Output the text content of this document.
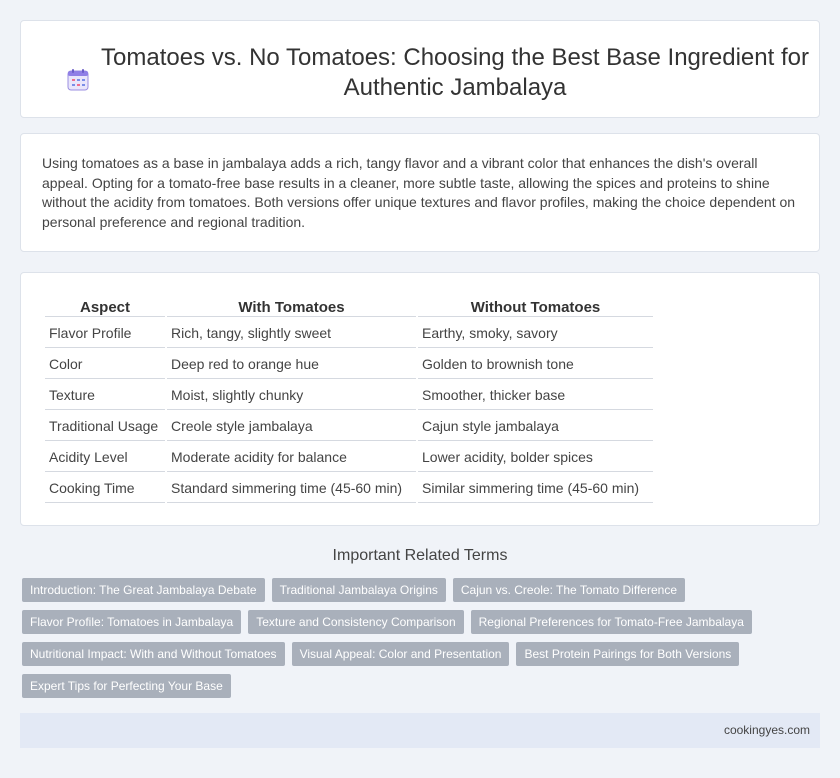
Tomatoes vs. No Tomatoes: Choosing the Best Base Ingredient for Authentic Jambalaya

Using tomatoes as a base in jambalaya adds a rich, tangy flavor and a vibrant color that enhances the dish's overall appeal. Opting for a tomato-free base results in a cleaner, more subtle taste, allowing the spices and proteins to shine without the acidity from tomatoes. Both versions offer unique textures and flavor profiles, making the choice dependent on personal preference and regional tradition.

Aspect	With Tomatoes	Without Tomatoes
Flavor Profile	Rich, tangy, slightly sweet	Earthy, smoky, savory
Color	Deep red to orange hue	Golden to brownish tone
Texture	Moist, slightly chunky	Smoother, thicker base
Traditional Usage	Creole style jambalaya	Cajun style jambalaya
Acidity Level	Moderate acidity for balance	Lower acidity, bolder spices
Cooking Time	Standard simmering time (45-60 min)	Similar simmering time (45-60 min)
Important Related Terms
Introduction: The Great Jambalaya Debate	Traditional Jambalaya Origins	Cajun vs. Creole: The Tomato Difference
Flavor Profile: Tomatoes in Jambalaya	Texture and Consistency Comparison	Regional Preferences for Tomato-Free Jambalaya
Nutritional Impact: With and Without Tomatoes	Visual Appeal: Color and Presentation	Best Protein Pairings for Both Versions
Expert Tips for Perfecting Your Base
cookingyes.com
